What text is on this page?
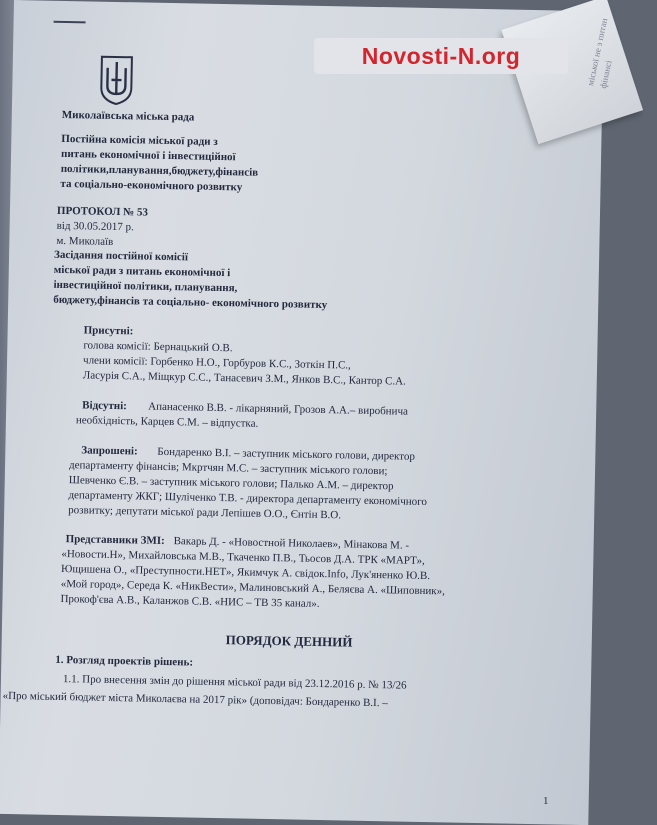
Миколаївська міська рада
Постійна комісія міської ради з
питань економічної і інвестиційної
політики,планування,бюджету,фінансів
та соціально-економічного розвитку
ПРОТОКОЛ № 53
від 30.05.2017 р.
м. Миколаїв
Засідання постійної комісії
міської ради з питань економічної і
інвестиційної політики, планування,
бюджету,фінансів та соціально- економічного розвитку
Присутні:
голова комісії: Бернацький О.В.
члени комісії: Горбенко Н.О., Горбуров К.С., Зоткін П.С.,
Ласурія С.А., Міщкур С.С., Танасевич З.М., Янков В.С., Кантор С.А.
Відсутні: Апанасенко В.В. - лікарняний, Грозов А.А.– виробнича
необхідність, Карцев С.М. – відпустка.
Запрошені: Бондаренко В.І. – заступник міського голови, директор
департаменту фінансів; Мкртчян М.С. – заступник міського голови;
Шевченко Є.В. – заступник міського голови; Палько А.М. – директор
департаменту ЖКГ; Шуліченко Т.В. - директора департаменту економічного
розвитку; депутати міської ради Лепішев О.О., Єнтін В.О.
Представники ЗМІ: Вакарь Д. - «Новостной Николаев», Мінакова М. -
«Новости.Н», Михайловська М.В., Ткаченко П.В., Тьосов Д.А. ТРК «МАРТ»,
Ющишена О., «Преступности.НЕТ», Якимчук А. свідок.Info, Лук'яненко Ю.В.
«Мой город», Середа К. «НикВести», Малиновський А., Беляєва А. «Шиповник»,
Прокоф'єва А.В., Каланжов С.В. «НИС – ТВ 35 канал».
ПОРЯДОК ДЕННИЙ
1. Розгляд проектів рішень:
1.1. Про внесення змін до рішення міської ради від 23.12.2016 р. № 13/26
«Про міський бюджет міста Миколаєва на 2017 рік» (доповідач: Бондаренко В.І. –
міської не з питан фінансі
Novosti-N.org
1
